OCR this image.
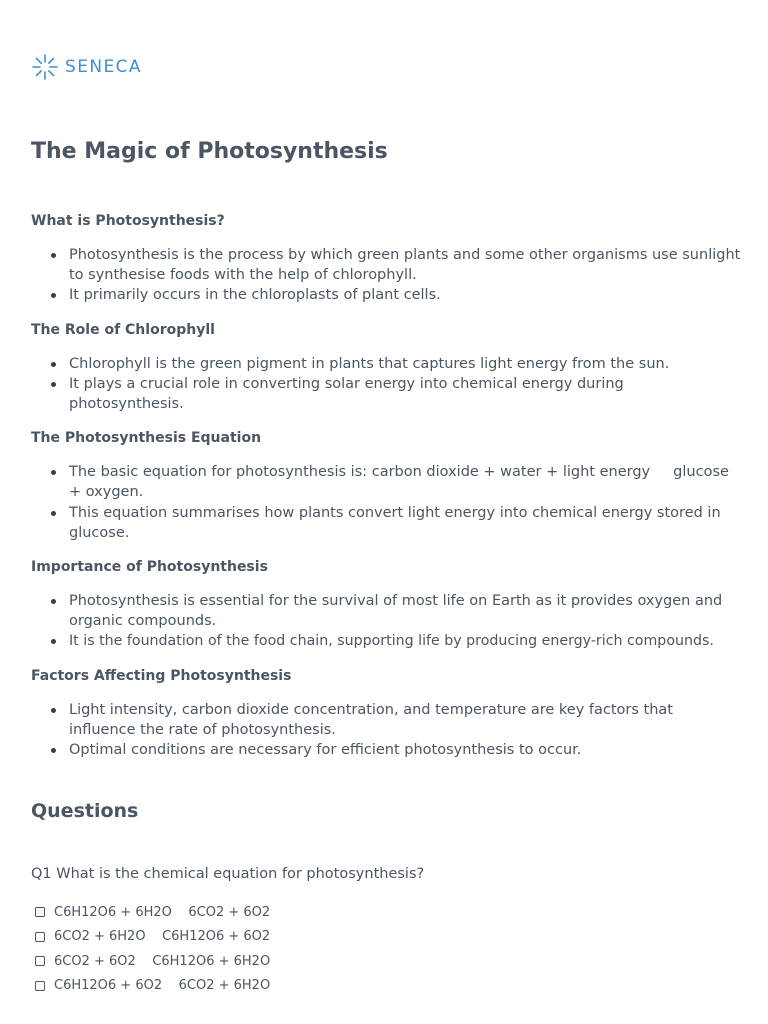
SENECA
The Magic of Photosynthesis
What is Photosynthesis?
Photosynthesis is the process by which green plants and some other organisms use sunlight to synthesise foods with the help of chlorophyll.
It primarily occurs in the chloroplasts of plant cells.
The Role of Chlorophyll
Chlorophyll is the green pigment in plants that captures light energy from the sun.
It plays a crucial role in converting solar energy into chemical energy during photosynthesis.
The Photosynthesis Equation
The basic equation for photosynthesis is: carbon dioxide + water + light energy     glucose + oxygen.
This equation summarises how plants convert light energy into chemical energy stored in glucose.
Importance of Photosynthesis
Photosynthesis is essential for the survival of most life on Earth as it provides oxygen and organic compounds.
It is the foundation of the food chain, supporting life by producing energy-rich compounds.
Factors Affecting Photosynthesis
Light intensity, carbon dioxide concentration, and temperature are key factors that influence the rate of photosynthesis.
Optimal conditions are necessary for efficient photosynthesis to occur.
Questions
Q1 What is the chemical equation for photosynthesis?
C6H12O6 + 6H2O    6CO2 + 6O2
6CO2 + 6H2O    C6H12O6 + 6O2
6CO2 + 6O2    C6H12O6 + 6H2O
C6H12O6 + 6O2    6CO2 + 6H2O
